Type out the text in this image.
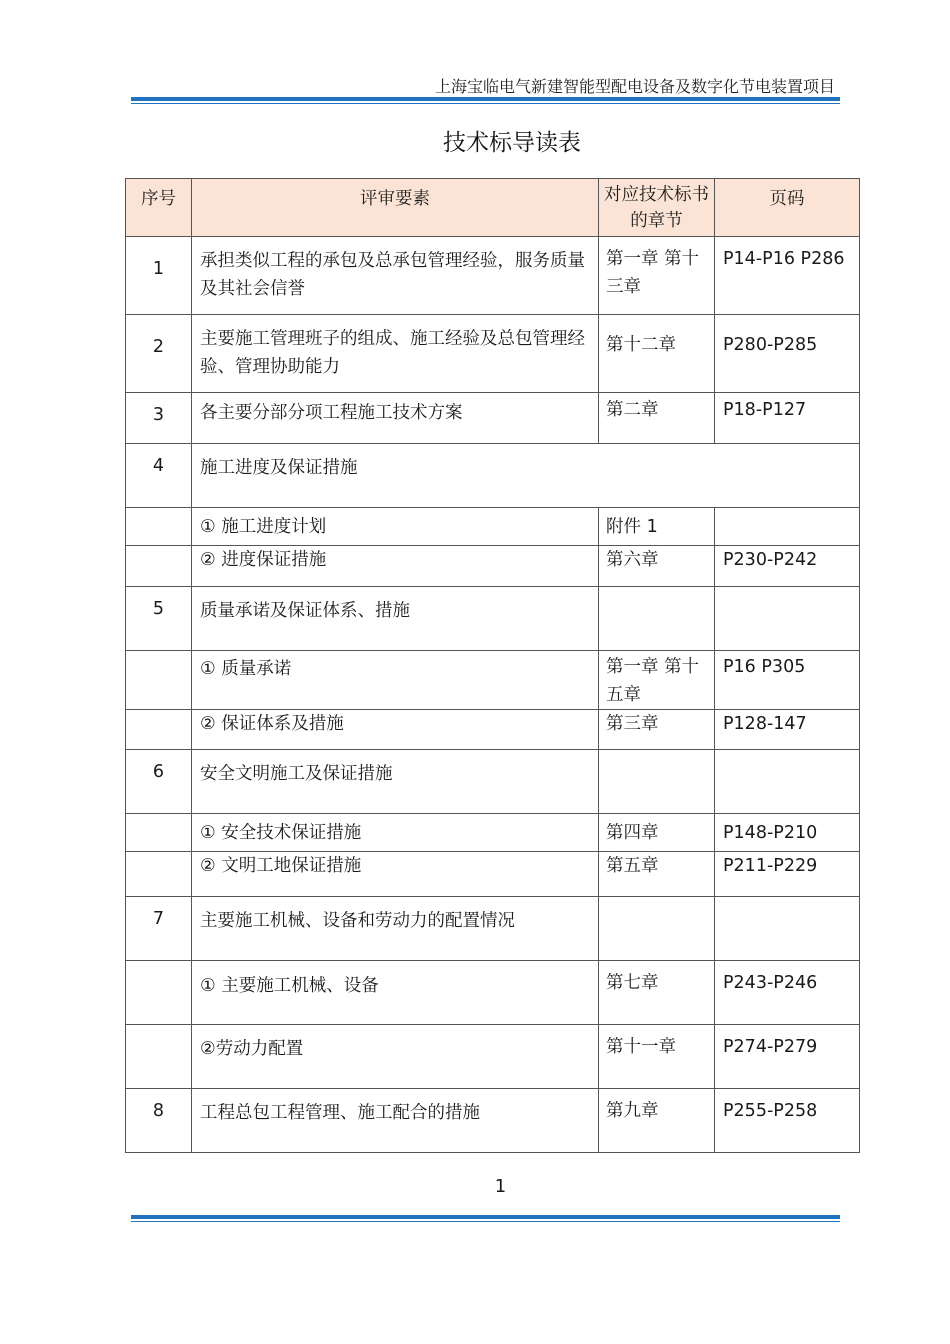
上海宝临电气新建智能型配电设备及数字化节电装置项目
技术标导读表
序号	评审要素	对应技术标书的章节	页码
1	承担类似工程的承包及总承包管理经验，服务质量及其社会信誉	第一章 第十三章	P14-P16 P286
2	主要施工管理班子的组成、施工经验及总包管理经验、管理协助能力	第十二章	P280-P285
3	各主要分部分项工程施工技术方案	第二章	P18-P127
4	施工进度及保证措施		
	① 施工进度计划	附件 1	
	② 进度保证措施	第六章	P230-P242
5	质量承诺及保证体系、措施		
	① 质量承诺	第一章 第十五章	P16 P305
	② 保证体系及措施	第三章	P128-147
6	安全文明施工及保证措施		
	① 安全技术保证措施	第四章	P148-P210
	② 文明工地保证措施	第五章	P211-P229
7	主要施工机械、设备和劳动力的配置情况		
	① 主要施工机械、设备	第七章	P243-P246
	②劳动力配置	第十一章	P274-P279
8	工程总包工程管理、施工配合的措施	第九章	P255-P258
1
